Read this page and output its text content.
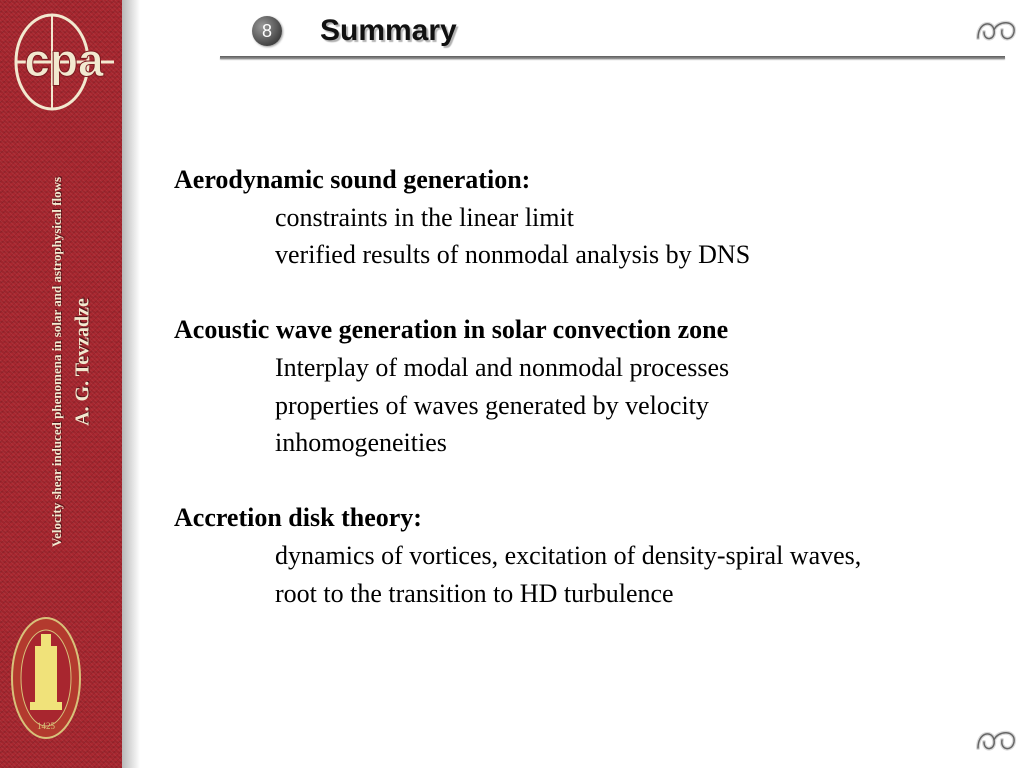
cpa
Velocity shear induced phenomena in solar and astrophysical flows A. G. Tevzadze
1425
8	Summary

Aerodynamic sound generation:

constraints in the linear limit

verified results of nonmodal analysis by DNS

Acoustic wave generation in solar convection zone

Interplay of modal and nonmodal processes

properties of waves generated by velocity inhomogeneities

Accretion disk theory:

dynamics of vortices, excitation of density-spiral waves, root to the transition to HD turbulence
